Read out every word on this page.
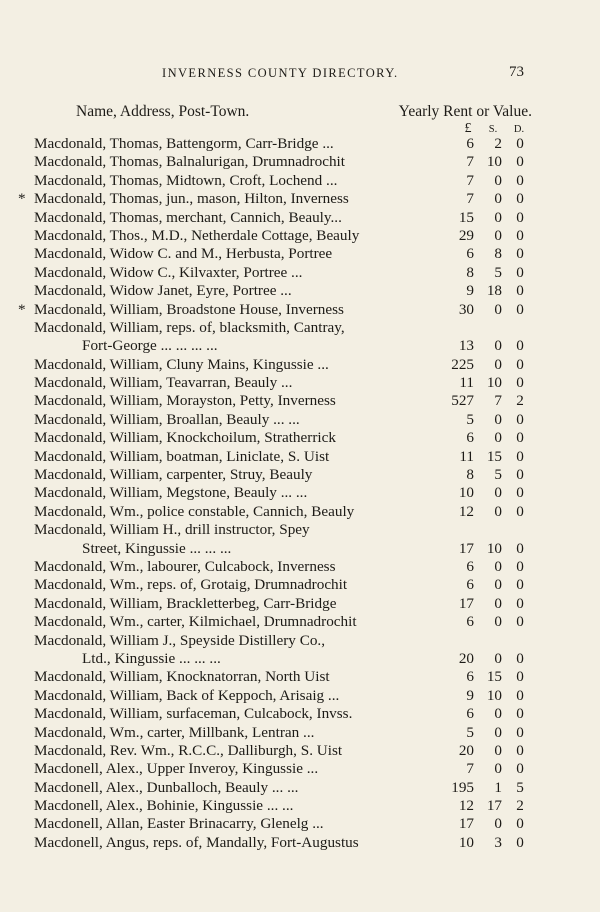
INVERNESS COUNTY DIRECTORY.	73
Name, Address, Post-Town.	Yearly Rent or Value.
£	S.	D.
Macdonald, Thomas, Battengorm, Carr-Bridge ...	6	2 0
Macdonald, Thomas, Balnalurigan, Drumnadrochit	7 10 0
Macdonald, Thomas, Midtown, Croft, Lochend ...	7	0 0
* Macdonald, Thomas, jun., mason, Hilton, Inverness	7	0 0
Macdonald, Thomas, merchant, Cannich, Beauly...	15	0 0
Macdonald, Thos., M.D., Netherdale Cottage, Beauly	29	0 0
Macdonald, Widow C. and M., Herbusta, Portree	6	8 0
Macdonald, Widow C., Kilvaxter, Portree ...	8	5 0
Macdonald, Widow Janet, Eyre, Portree ...	9 18 0
* Macdonald, William, Broadstone House, Inverness	30	0 0
Macdonald, William, reps. of, blacksmith, Cantray,
Fort-George ... ... ... ...	13	0 0
Macdonald, William, Cluny Mains, Kingussie ...	225	0 0
Macdonald, William, Teavarran, Beauly ...	11 10 0
Macdonald, William, Morayston, Petty, Inverness	527	7 2
Macdonald, William, Broallan, Beauly ... ...	5	0 0
Macdonald, William, Knockchoilum, Stratherrick	6	0 0
Macdonald, William, boatman, Liniclate, S. Uist	11 15 0
Macdonald, William, carpenter, Struy, Beauly	8	5 0
Macdonald, William, Megstone, Beauly ... ...	10	0 0
Macdonald, Wm., police constable, Cannich, Beauly	12	0 0
Macdonald, William H., drill instructor, Spey
Street, Kingussie ... ... ...	17 10 0
Macdonald, Wm., labourer, Culcabock, Inverness	6	0 0
Macdonald, Wm., reps. of, Grotaig, Drumnadrochit	6	0 0
Macdonald, William, Brackletterbeg, Carr-Bridge	17	0 0
Macdonald, Wm., carter, Kilmichael, Drumnadrochit	6	0 0
Macdonald, William J., Speyside Distillery Co.,
Ltd., Kingussie ... ... ...	20	0 0
Macdonald, William, Knocknatorran, North Uist	6 15 0
Macdonald, William, Back of Keppoch, Arisaig ...	9 10 0
Macdonald, William, surfaceman, Culcabock, Invss.	6	0 0
Macdonald, Wm., carter, Millbank, Lentran ...	5	0 0
Macdonald, Rev. Wm., R.C.C., Dalliburgh, S. Uist	20	0 0
Macdonell, Alex., Upper Inveroy, Kingussie ...	7	0 0
Macdonell, Alex., Dunballoch, Beauly ... ...	195	1 5
Macdonell, Alex., Bohinie, Kingussie ... ...	12 17 2
Macdonell, Allan, Easter Brinacarry, Glenelg ...	17	0 0
Macdonell, Angus, reps. of, Mandally, Fort-Augustus	10	3 0
